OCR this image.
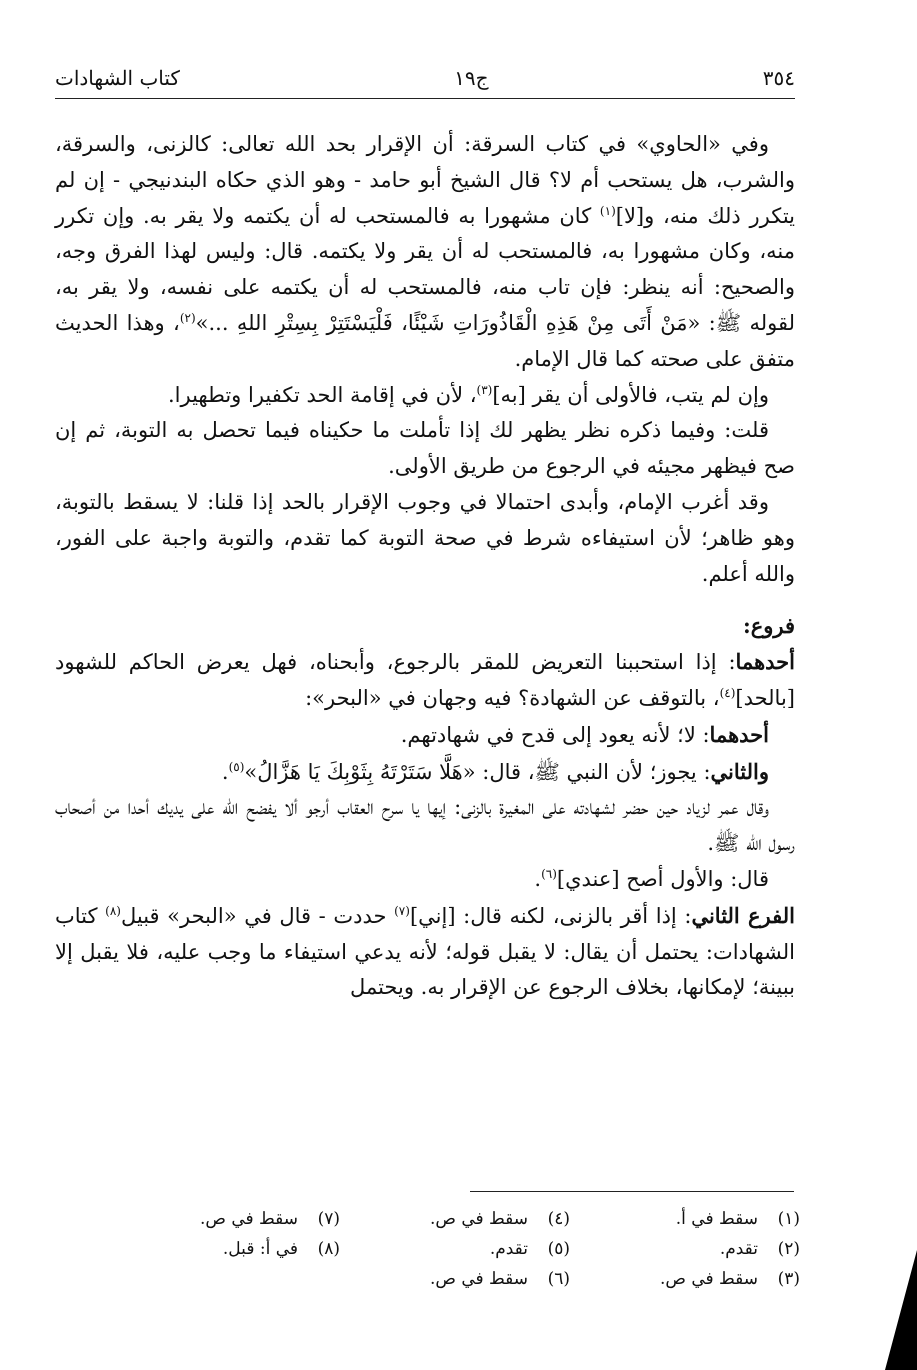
٣٥٤
ج١٩
كتاب الشهادات

وفي «الحاوي» في كتاب السرقة: أن الإقرار بحد الله تعالى: كالزنى، والسرقة، والشرب، هل يستحب أم لا؟ قال الشيخ أبو حامد - وهو الذي حكاه البندنيجي - إن لم يتكرر ذلك منه، و[لا]$^{(١)}$ كان مشهورا به فالمستحب له أن يكتمه ولا يقر به. وإن تكرر منه، وكان مشهورا به، فالمستحب له أن يقر ولا يكتمه. قال: وليس لهذا الفرق وجه، والصحيح: أنه ينظر: فإن تاب منه، فالمستحب له أن يكتمه على نفسه، ولا يقر به، لقوله ﷺ: «مَنْ أَتَى مِنْ هَذِهِ الْقَاذُورَاتِ شَيْئًا، فَلْيَسْتَتِرْ بِسِتْرِ اللهِ ...»$^{(٢)}$، وهذا الحديث متفق على صحته كما قال الإمام.

وإن لم يتب، فالأولى أن يقر [به]$^{(٣)}$، لأن في إقامة الحد تكفيرا وتطهيرا.

قلت: وفيما ذكره نظر يظهر لك إذا تأملت ما حكيناه فيما تحصل به التوبة، ثم إن صح فيظهر مجيئه في الرجوع من طريق الأولى.

وقد أغرب الإمام، وأبدى احتمالا في وجوب الإقرار بالحد إذا قلنا: لا يسقط بالتوبة، وهو ظاهر؛ لأن استيفاءه شرط في صحة التوبة كما تقدم، والتوبة واجبة على الفور، والله أعلم.

فروع:

أحدهما: إذا استحببنا التعريض للمقر بالرجوع، وأبحناه، فهل يعرض الحاكم للشهود [بالحد]$^{(٤)}$، بالتوقف عن الشهادة؟ فيه وجهان في «البحر»:

أحدهما: لا؛ لأنه يعود إلى قدح في شهادتهم.

والثاني: يجوز؛ لأن النبي ﷺ، قال: «هَلَّا سَتَرْتَهُ بِثَوْبِكَ يَا هَزَّالُ»$^{(٥)}$.

وقال عمر لزياد حين حضر لشهادته على المغيرة بالزنى: إيها يا سرح العقاب أرجو ألا يفضح الله على يديك أحدا من أصحاب رسول الله ﷺ.

قال: والأول أصح [عندي]$^{(٦)}$.

الفرع الثاني: إذا أقر بالزنى، لكنه قال: [إني]$^{(٧)}$ حددت - قال في «البحر» قبيل$^{(٨)}$ كتاب الشهادات: يحتمل أن يقال: لا يقبل قوله؛ لأنه يدعي استيفاء ما وجب عليه، فلا يقبل إلا ببينة؛ لإمكانها، بخلاف الرجوع عن الإقرار به. ويحتمل

(١)سقط في أ.
(٤)سقط في ص.
(٧)سقط في ص.
(٢)تقدم.
(٥)تقدم.
(٨)في أ: قبل.
(٣)سقط في ص.
(٦)سقط في ص.
